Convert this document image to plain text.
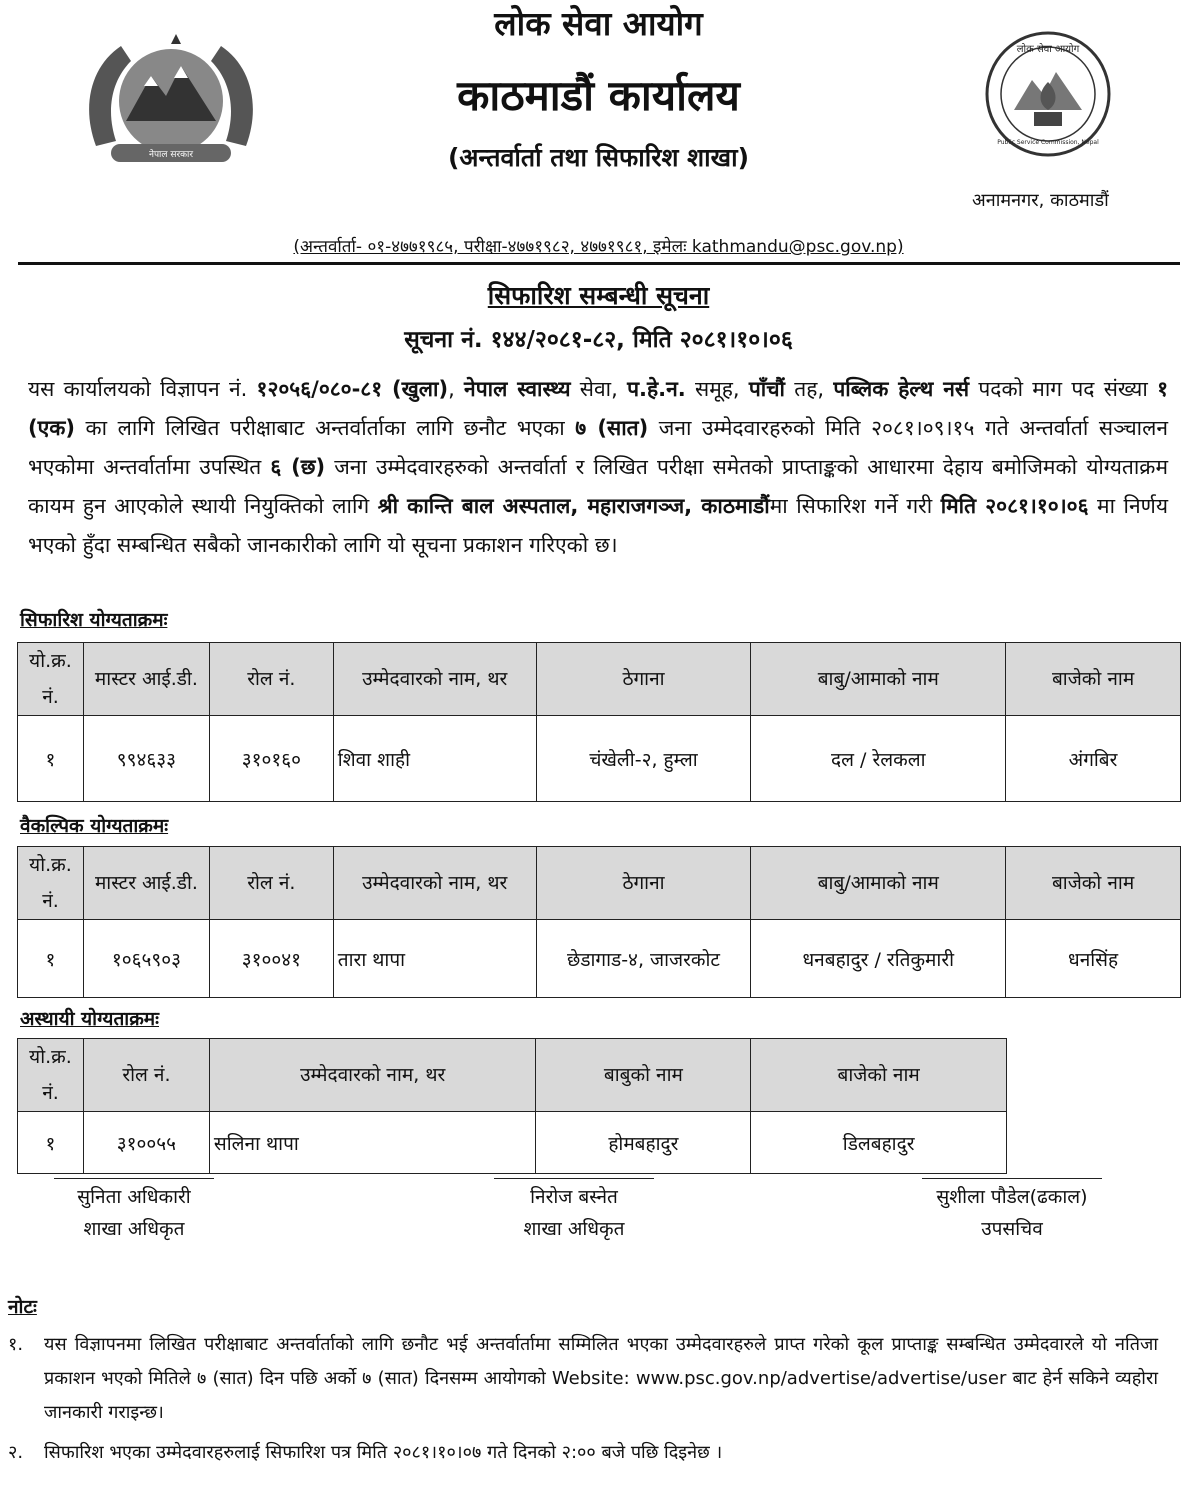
नेपाल सरकार
लोक सेवा आयोग
Public Service Commission, Nepal
लोक सेवा आयोग
काठमाडौं कार्यालय
(अन्तर्वार्ता तथा सिफारिश शाखा)
अनामनगर, काठमाडौं
(अन्तर्वार्ता- ०१-४७७१९८५, परीक्षा-४७७१९८२, ४७७१९८१, इमेलः kathmandu@psc.gov.np)
सिफारिश सम्बन्धी सूचना
सूचना नं. १४४/२०८१-८२, मिति २०८१।१०।०६
यस कार्यालयको विज्ञापन नं. १२०५६/०८०-८१ (खुला), नेपाल स्वास्थ्य सेवा, प.हे.न. समूह, पाँचौं तह, पब्लिक हेल्थ नर्स पदको माग पद संख्या १ (एक) का लागि लिखित परीक्षाबाट अन्तर्वार्ताका लागि छनौट भएका ७ (सात) जना उम्मेदवारहरुको मिति २०८१।०९।१५ गते अन्तर्वार्ता सञ्चालन भएकोमा अन्तर्वार्तामा उपस्थित ६ (छ) जना उम्मेदवारहरुको अन्तर्वार्ता र लिखित परीक्षा समेतको प्राप्ताङ्कको आधारमा देहाय बमोजिमको योग्यताक्रम कायम हुन आएकोले स्थायी नियुक्तिको लागि श्री कान्ति बाल अस्पताल, महाराजगञ्ज, काठमाडौंमा सिफारिश गर्ने गरी मिति २०८१।१०।०६ मा निर्णय भएको हुँदा सम्बन्धित सबैको जानकारीको लागि यो सूचना प्रकाशन गरिएको छ।
सिफारिश योग्यताक्रमः
यो.क्र. नं.	मास्टर आई.डी.	रोल नं.	उम्मेदवारको नाम, थर	ठेगाना	बाबु/आमाको नाम	बाजेको नाम
१	९९४६३३	३१०१६०	शिवा शाही	चंखेली-२, हुम्ला	दल / रेलकला	अंगबिर
वैकल्पिक योग्यताक्रमः
यो.क्र. नं.	मास्टर आई.डी.	रोल नं.	उम्मेदवारको नाम, थर	ठेगाना	बाबु/आमाको नाम	बाजेको नाम
१	१०६५९०३	३१००४१	तारा थापा	छेडागाड-४, जाजरकोट	धनबहादुर / रतिकुमारी	धनसिंह
अस्थायी योग्यताक्रमः
यो.क्र. नं.	रोल नं.	उम्मेदवारको नाम, थर	बाबुको नाम	बाजेको नाम
१	३१००५५	सलिना थापा	होमबहादुर	डिलबहादुर
सुनिता अधिकारी
शाखा अधिकृत
निरोज बस्नेत
शाखा अधिकृत
सुशीला पौडेल(ढकाल)
उपसचिव
नोटः
१. यस विज्ञापनमा लिखित परीक्षाबाट अन्तर्वार्ताको लागि छनौट भई अन्तर्वार्तामा सम्मिलित भएका उम्मेदवारहरुले प्राप्त गरेको कूल प्राप्ताङ्क सम्बन्धित उम्मेदवारले यो नतिजा प्रकाशन भएको मितिले ७ (सात) दिन पछि अर्को ७ (सात) दिनसम्म आयोगको Website: www.psc.gov.np/advertise/advertise/user बाट हेर्न सकिने व्यहोरा जानकारी गराइन्छ।
२. सिफारिश भएका उम्मेदवारहरुलाई सिफारिश पत्र मिति २०८१।१०।०७ गते दिनको २:०० बजे पछि दिइनेछ ।
